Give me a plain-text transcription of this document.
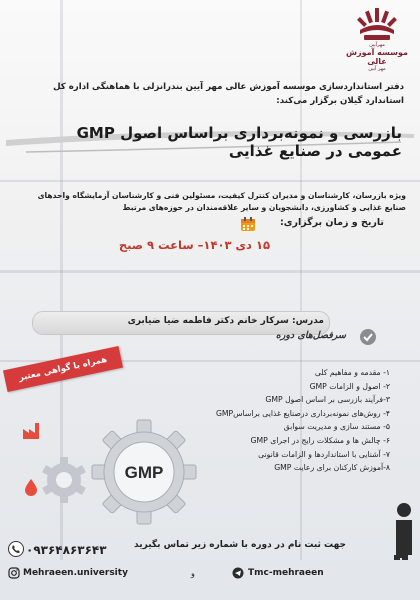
مهرآیین
موسسه آموزش عالی
مهر آیین
دفتر استانداردسازی موسسه آموزش عالی مهر آیین بندرانزلی با هماهنگی اداره کل استاندارد گیلان برگزار می‌کند:
بازرسی و نمونه‌برداری براساس اصول GMP عمومی در صنایع غذایی
ویژه بازرسان، کارشناسان و مدیران کنترل کیفیت، مسئولین فنی و کارشناسان آزمایشگاه واحدهای صنایع غذایی و کشاورزی، دانشجویان و سایر علاقه‌مندان در حوزه‌های مرتبط
تاریخ و زمان برگزاری:
۱۵ دی ۱۴۰۳– ساعت ۹ صبح
مدرس: سرکار خانم دکتر فاطمه ضیا ضیابری
سرفصل‌های دوره
همراه با گواهی معتبر	۱- مقدمه و مفاهیم کلی
۲- اصول و الزامات GMP
۳-فرآیند بازرسی بر اساس اصول GMP
۴- روش‌های نمونه‌برداری درصنایع غذایی براساسGMP
۵- مستند سازی و مدیریت سوابق
۶- چالش ها و مشکلات رایج در اجرای GMP
۷- آشنایی با استانداردها و الزامات قانونی
۸-آموزش کارکنان برای رعایت GMP
GMP
جهت ثبت نام در دوره با شماره زیر تماس بگیرید
۰۹۳۶۴۸۶۳۶۴۳
Mehraeen.university	و	Tmc-mehraeen
